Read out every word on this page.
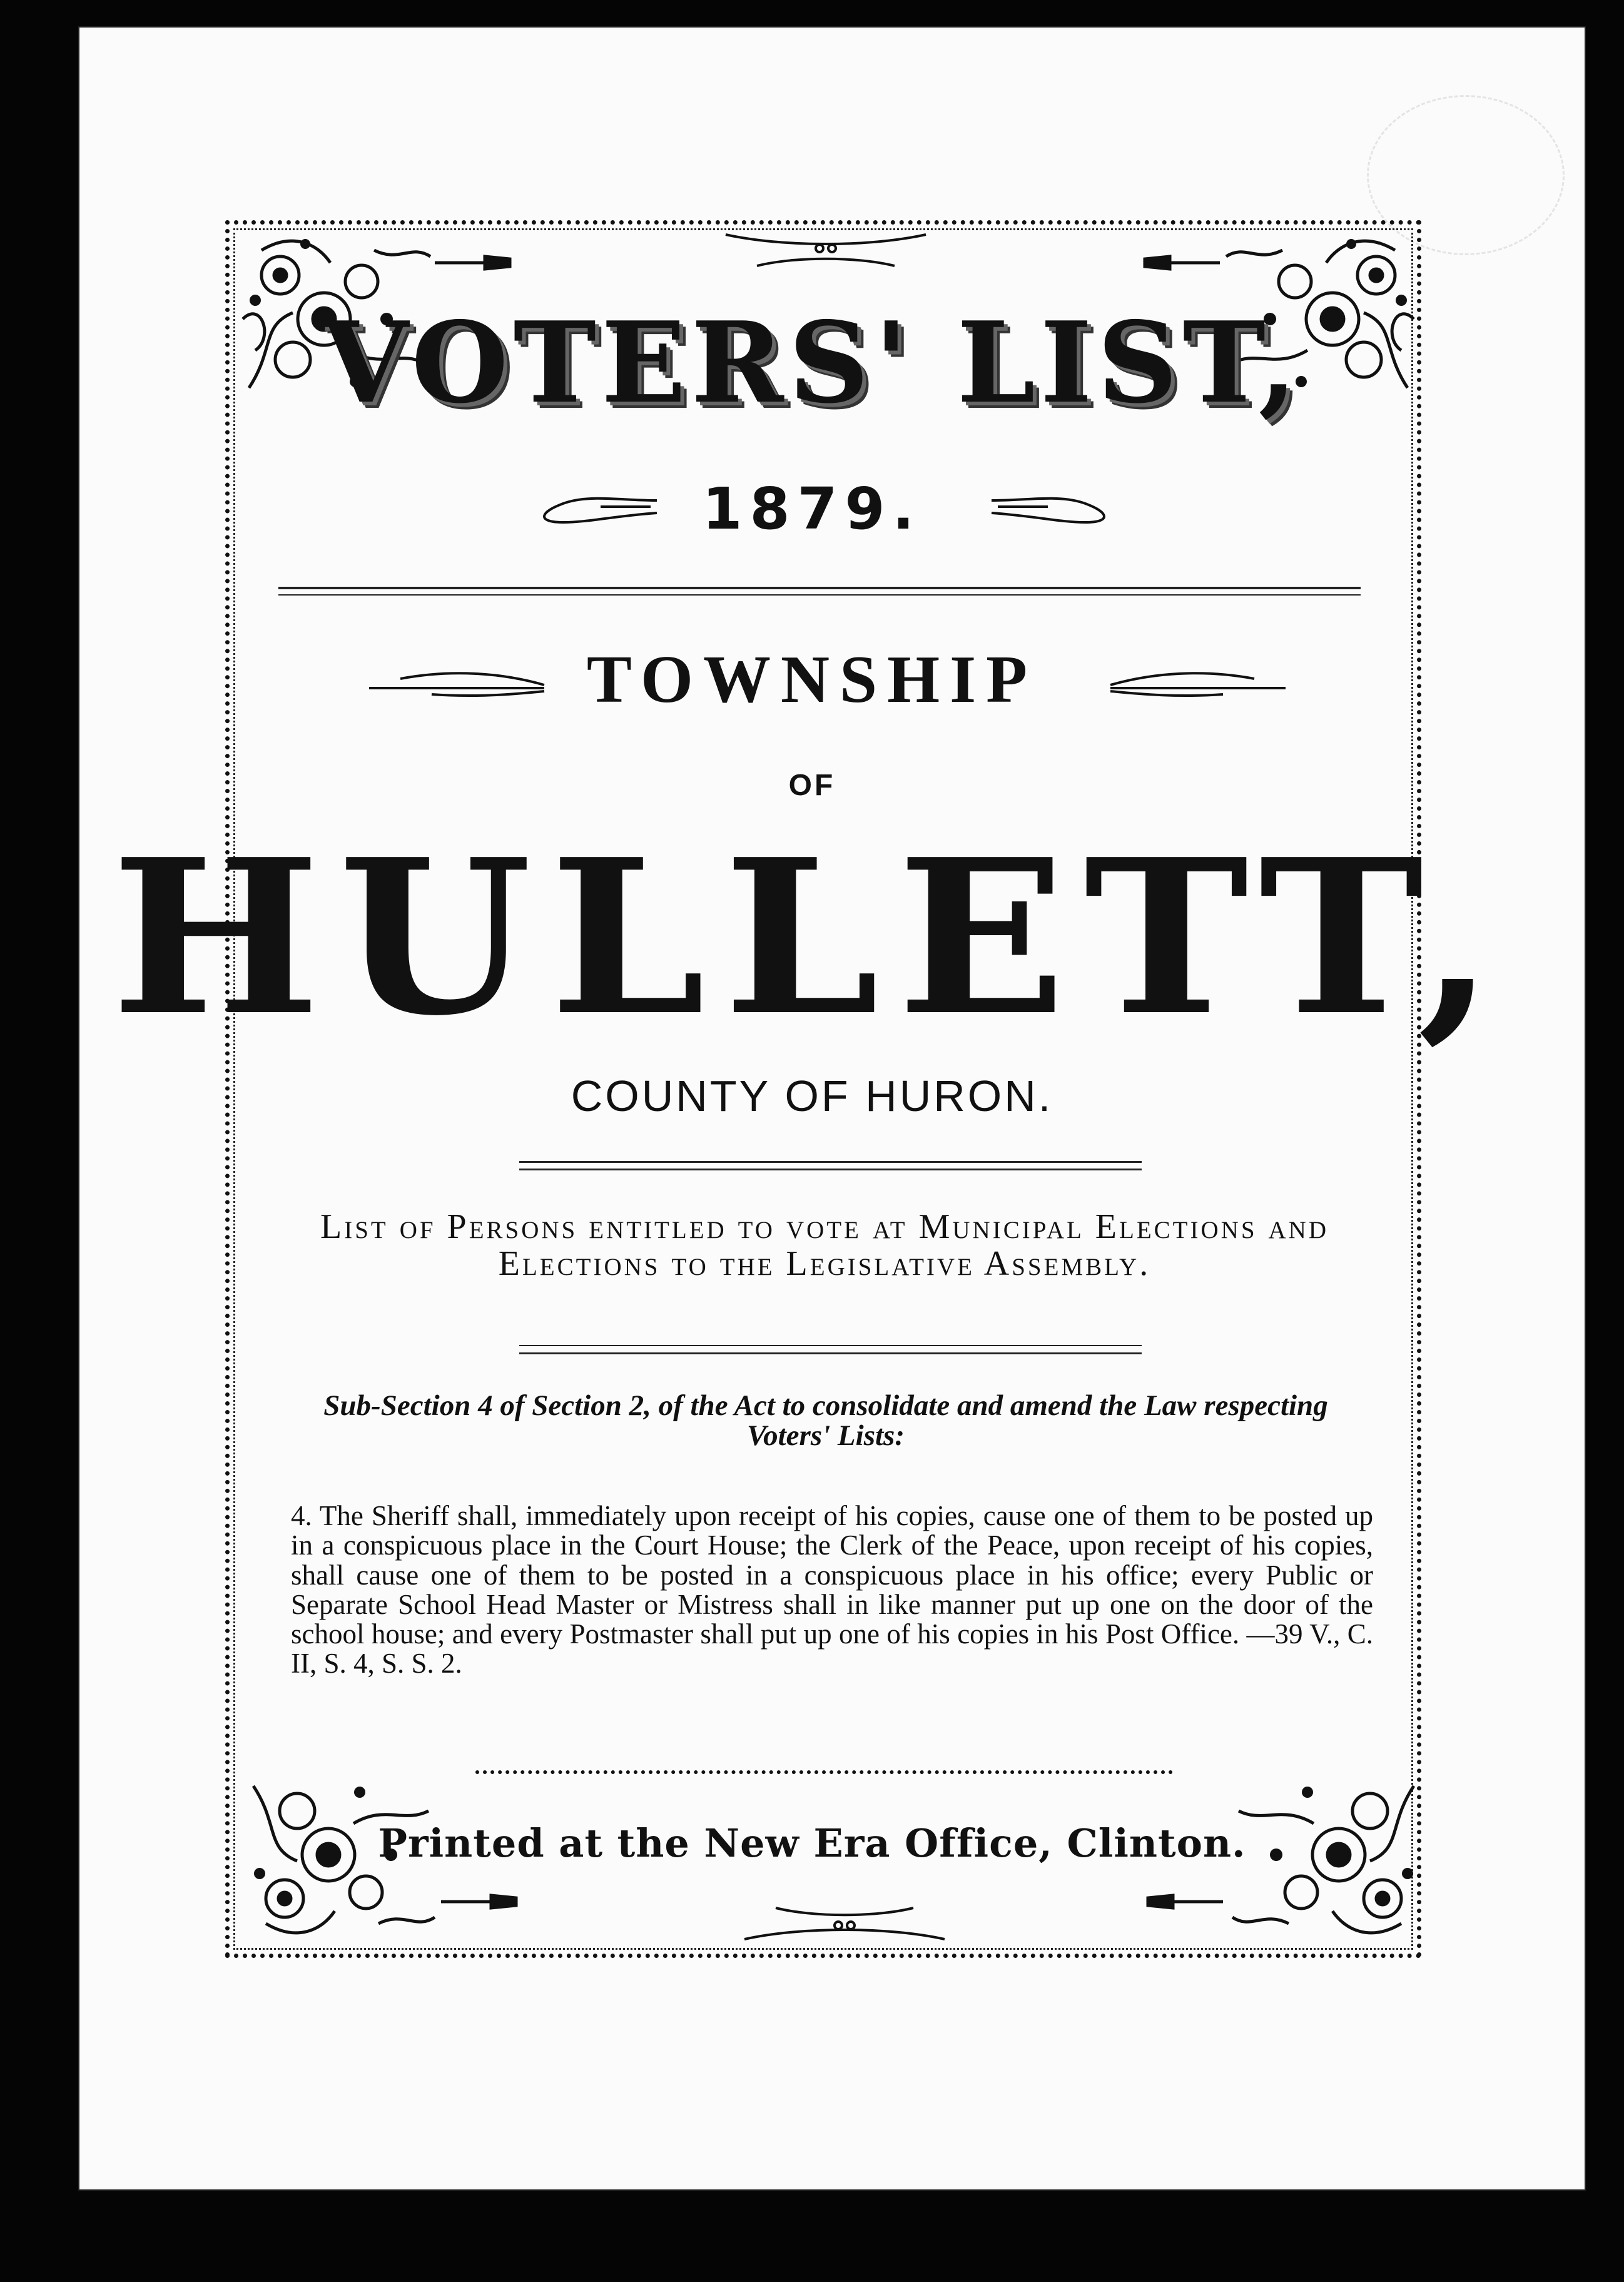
VOTERS' LIST,
1879.
TOWNSHIP
OF
HULLETT,
COUNTY OF HURON.
List of Persons entitled to vote at Municipal Elections and Elections to the Legislative Assembly.
Sub-Section 4 of Section 2, of the Act to consolidate and amend the Law respecting Voters' Lists:
4. The Sheriff shall, immediately upon receipt of his copies, cause one of them to be posted up in a conspicuous place in the Court House; the Clerk of the Peace, upon receipt of his copies, shall cause one of them to be posted in a conspicuous place in his office; every Public or Separate School Head Master or Mistress shall in like manner put up one on the door of the school house; and every Postmaster shall put up one of his copies in his Post Office. —39 V., C. II, S. 4, S. S. 2.
Printed at the New Era Office, Clinton.
